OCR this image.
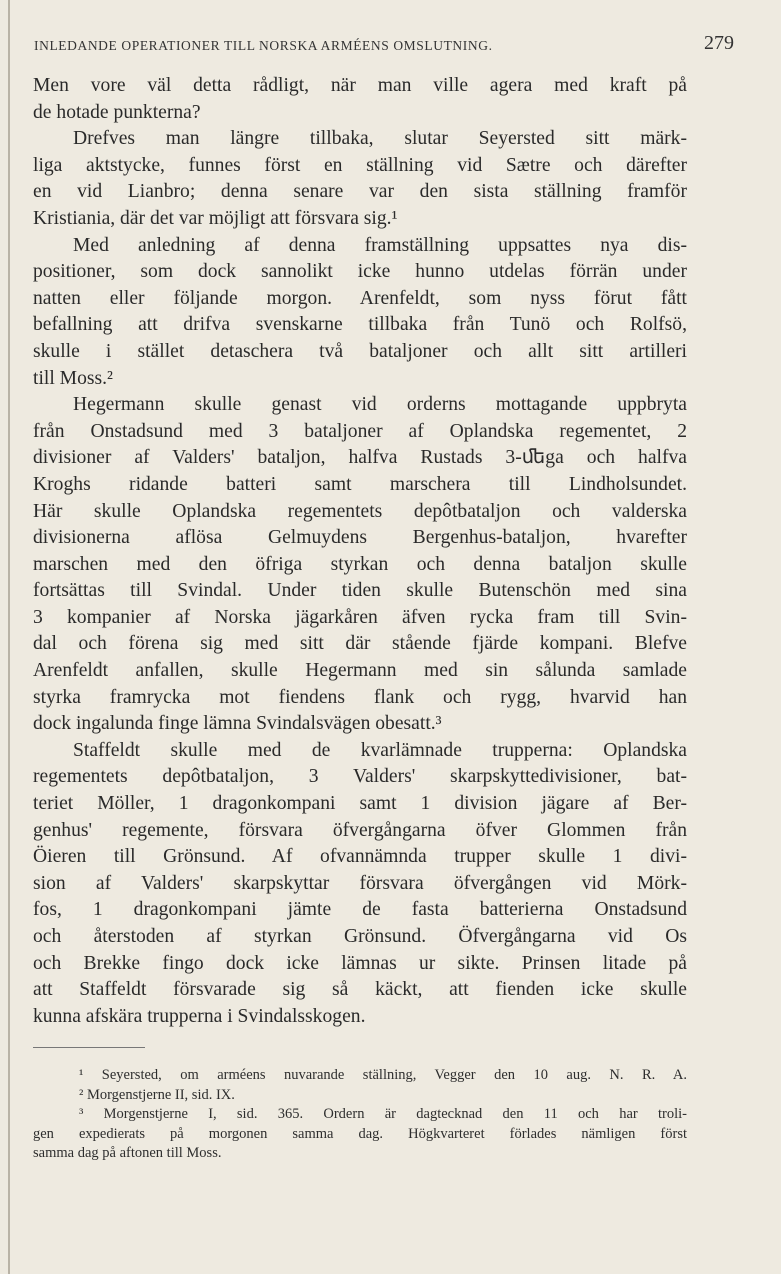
INLEDANDE OPERATIONER TILL NORSKA ARMÉENS OMSLUTNING.	279
Men vore väl detta rådligt, när man ville agera med kraft på
de hotade punkterna?
Drefves man längre tillbaka, slutar Seyersted sitt märk-
liga aktstycke, funnes först en ställning vid Sætre och därefter
en vid Lianbro; denna senare var den sista ställning framför
Kristiania, där det var möjligt att försvara sig.¹
Med anledning af denna framställning uppsattes nya dis-
positioner, som dock sannolikt icke hunno utdelas förrän under
natten eller följande morgon. Arenfeldt, som nyss förut fått
befallning att drifva svenskarne tillbaka från Tunö och Rolfsö,
skulle i stället detaschera två bataljoner och allt sitt artilleri
till Moss.²
Hegermann skulle genast vid orderns mottagande uppbryta
från Onstadsund med 3 bataljoner af Oplandska regementet, 2
divisioner af Valders' bataljon, halfva Rustads 3-ﬔga och halfva
Kroghs ridande batteri samt marschera till Lindholsundet.
Här skulle Oplandska regementets depôtbataljon och valderska
divisionerna aflösa Gelmuydens Bergenhus-bataljon, hvarefter
marschen med den öfriga styrkan och denna bataljon skulle
fortsättas till Svindal. Under tiden skulle Butenschön med sina
3 kompanier af Norska jägarkåren äfven rycka fram till Svin-
dal och förena sig med sitt där stående fjärde kompani. Blefve
Arenfeldt anfallen, skulle Hegermann med sin sålunda samlade
styrka framrycka mot fiendens flank och rygg, hvarvid han
dock ingalunda finge lämna Svindalsvägen obesatt.³
Staffeldt skulle med de kvarlämnade trupperna: Oplandska
regementets depôtbataljon, 3 Valders' skarpskyttedivisioner, bat-
teriet Möller, 1 dragonkompani samt 1 division jägare af Ber-
genhus' regemente, försvara öfvergångarna öfver Glommen från
Öieren till Grönsund. Af ofvannämnda trupper skulle 1 divi-
sion af Valders' skarpskyttar försvara öfvergången vid Mörk-
fos, 1 dragonkompani jämte de fasta batterierna Onstadsund
och återstoden af styrkan Grönsund. Öfvergångarna vid Os
och Brekke fingo dock icke lämnas ur sikte. Prinsen litade på
att Staffeldt försvarade sig så käckt, att fienden icke skulle
kunna afskära trupperna i Svindalsskogen.
¹ Seyersted, om arméens nuvarande ställning, Vegger den 10 aug. N. R. A.
² Morgenstjerne II, sid. IX.
³ Morgenstjerne I, sid. 365. Ordern är dagtecknad den 11 och har troli-
gen expedierats på morgonen samma dag. Högkvarteret förlades nämligen först
samma dag på aftonen till Moss.
